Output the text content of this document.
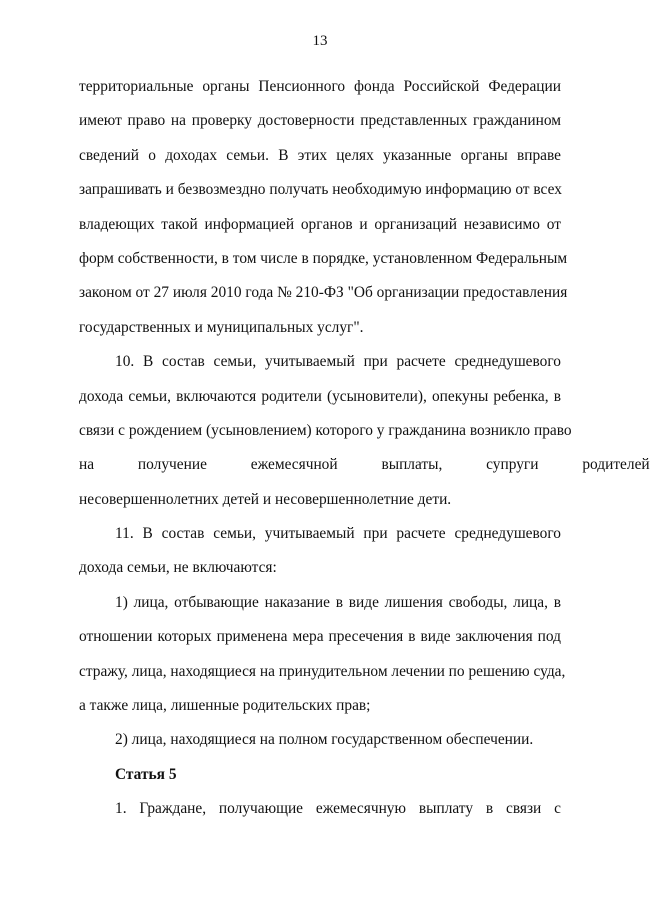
13
территориальные органы Пенсионного фонда Российской Федерации
имеют право на проверку достоверности представленных гражданином
сведений о доходах семьи. В этих целях указанные органы вправе
запрашивать и безвозмездно получать необходимую информацию от всех
владеющих такой информацией органов и организаций независимо от
форм собственности, в том числе в порядке, установленном Федеральным
законом от 27 июля 2010 года № 210-ФЗ "Об организации предоставления
государственных и муниципальных услуг".
10. В состав семьи, учитываемый при расчете среднедушевого
дохода семьи, включаются родители (усыновители), опекуны ребенка, в
связи с рождением (усыновлением) которого у гражданина возникло право
на получение ежемесячной выплаты, супруги родителей
несовершеннолетних детей и несовершеннолетние дети.
11. В состав семьи, учитываемый при расчете среднедушевого
дохода семьи, не включаются:
1) лица, отбывающие наказание в виде лишения свободы, лица, в
отношении которых применена мера пресечения в виде заключения под
стражу, лица, находящиеся на принудительном лечении по решению суда,
а также лица, лишенные родительских прав;
2) лица, находящиеся на полном государственном обеспечении.
Статья 5
1. Граждане, получающие ежемесячную выплату в связи с
